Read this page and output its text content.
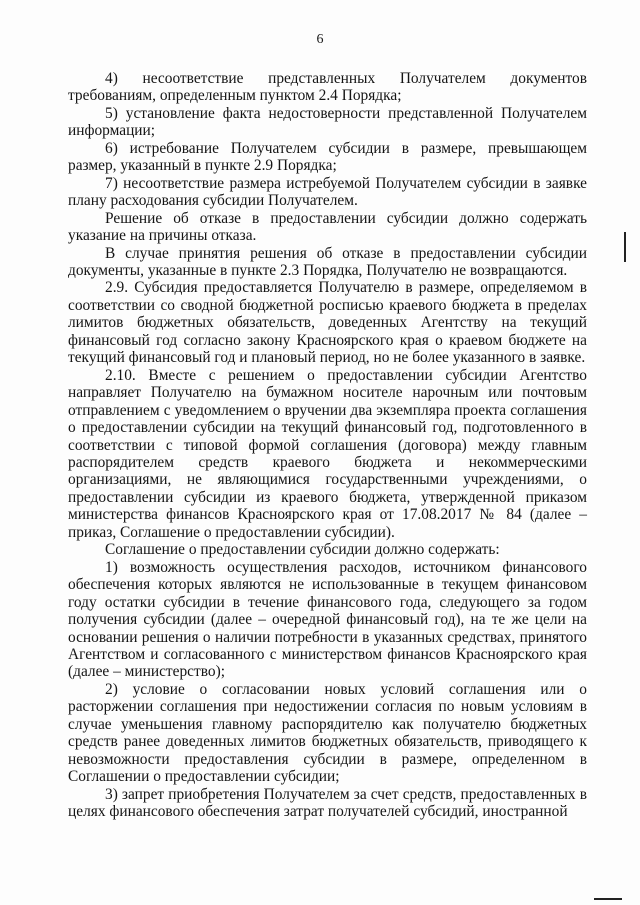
6

4) несоответствие представленных Получателем документов требованиям, определенным пунктом 2.4 Порядка;

5) установление факта недостоверности представленной Получателем информации;

6) истребование Получателем субсидии в размере, превышающем размер, указанный в пункте 2.9 Порядка;

7) несоответствие размера истребуемой Получателем субсидии в заявке плану расходования субсидии Получателем.

Решение об отказе в предоставлении субсидии должно содержать указание на причины отказа.

В случае принятия решения об отказе в предоставлении субсидии документы, указанные в пункте 2.3 Порядка, Получателю не возвращаются.

2.9. Субсидия предоставляется Получателю в размере, определяемом в соответствии со сводной бюджетной росписью краевого бюджета в пределах лимитов бюджетных обязательств, доведенных Агентству на текущий финансовый год согласно закону Красноярского края о краевом бюджете на текущий финансовый год и плановый период, но не более указанного в заявке.

2.10. Вместе с решением о предоставлении субсидии Агентство направляет Получателю на бумажном носителе нарочным или почтовым отправлением с уведомлением о вручении два экземпляра проекта соглашения о предоставлении субсидии на текущий финансовый год, подготовленного в соответствии с типовой формой соглашения (договора) между главным распорядителем средств краевого бюджета и некоммерческими организациями, не являющимися государственными учреждениями, о предоставлении субсидии из краевого бюджета, утвержденной приказом министерства финансов Красноярского края от 17.08.2017 № 84 (далее – приказ, Соглашение о предоставлении субсидии).

Соглашение о предоставлении субсидии должно содержать:

1) возможность осуществления расходов, источником финансового обеспечения которых являются не использованные в текущем финансовом году остатки субсидии в течение финансового года, следующего за годом получения субсидии (далее – очередной финансовый год), на те же цели на основании решения о наличии потребности в указанных средствах, принятого Агентством и согласованного с министерством финансов Красноярского края (далее – министерство);

2) условие о согласовании новых условий соглашения или о расторжении соглашения при недостижении согласия по новым условиям в случае уменьшения главному распорядителю как получателю бюджетных средств ранее доведенных лимитов бюджетных обязательств, приводящего к невозможности предоставления субсидии в размере, определенном в Соглашении о предоставлении субсидии;

3) запрет приобретения Получателем за счет средств, предоставленных в целях финансового обеспечения затрат получателей субсидий, иностранной
